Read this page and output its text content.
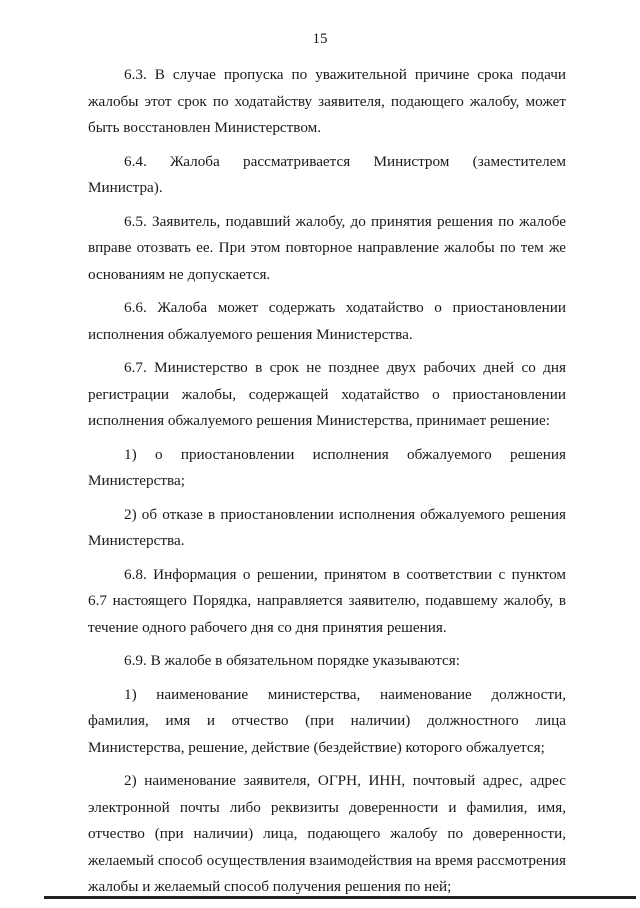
15

6.3. В случае пропуска по уважительной причине срока подачи жалобы этот срок по ходатайству заявителя, подающего жалобу, может быть восстановлен Министерством.

6.4. Жалоба рассматривается Министром (заместителем Министра).

6.5. Заявитель, подавший жалобу, до принятия решения по жалобе вправе отозвать ее. При этом повторное направление жалобы по тем же основаниям не допускается.

6.6. Жалоба может содержать ходатайство о приостановлении исполнения обжалуемого решения Министерства.

6.7. Министерство в срок не позднее двух рабочих дней со дня регистрации жалобы, содержащей ходатайство о приостановлении исполнения обжалуемого решения Министерства, принимает решение:

1) о приостановлении исполнения обжалуемого решения Министерства;

2) об отказе в приостановлении исполнения обжалуемого решения Министерства.

6.8. Информация о решении, принятом в соответствии с пунктом 6.7 настоящего Порядка, направляется заявителю, подавшему жалобу, в течение одного рабочего дня со дня принятия решения.

6.9. В жалобе в обязательном порядке указываются:

1) наименование министерства, наименование должности, фамилия, имя и отчество (при наличии) должностного лица Министерства, решение, действие (бездействие) которого обжалуется;

2) наименование заявителя, ОГРН, ИНН, почтовый адрес, адрес электронной почты либо реквизиты доверенности и фамилия, имя, отчество (при наличии) лица, подающего жалобу по доверенности, желаемый способ осуществления взаимодействия на время рассмотрения жалобы и желаемый способ получения решения по ней;
